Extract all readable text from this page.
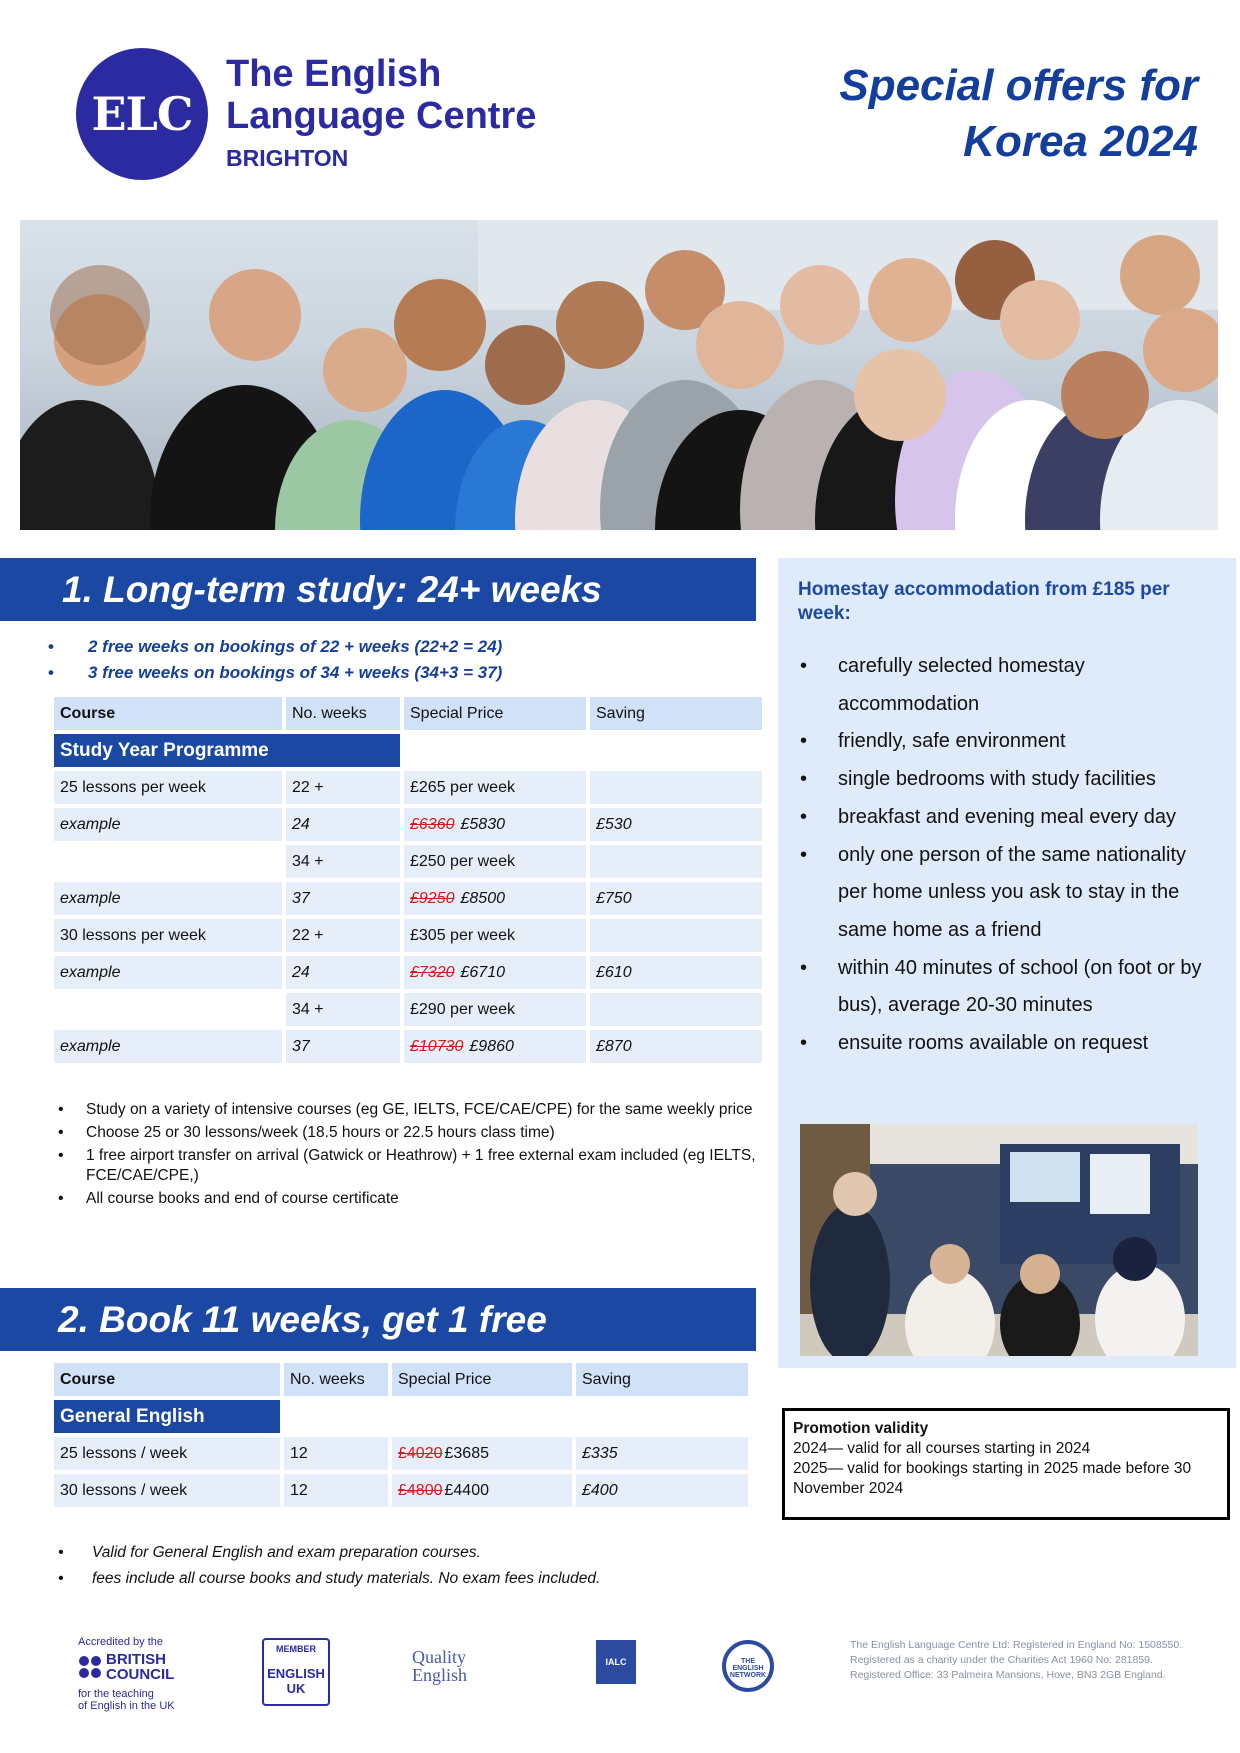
ELC
The English
Language Centre
BRIGHTON
Special offers for
Korea 2024
1. Long-term study: 24+ weeks
• 2 free weeks on bookings of 22 + weeks (22+2 = 24)
• 3 free weeks on bookings of 34 + weeks (34+3 = 37)
Course	No. weeks	Special Price	Saving
Study Year Programme			
25 lessons per week	22 +	£265 per week	
example	24	£6360 £5830	£530
	34 +	£250 per week	
example	37	£9250 £8500	£750
30 lessons per week	22 +	£305 per week	
example	24	£7320 £6710	£610
	34 +	£290 per week	
example	37	£10730 £9860	£870
• Study on a variety of intensive courses (eg GE, IELTS, FCE/CAE/CPE) for the same weekly price
• Choose 25 or 30 lessons/week (18.5 hours or 22.5 hours class time)
• 1 free airport transfer on arrival (Gatwick or Heathrow) + 1 free external exam included (eg IELTS, FCE/CAE/CPE,)
• All course books and end of course certificate
2. Book 11 weeks, get 1 free
Course	No. weeks	Special Price	Saving
General English			
25 lessons / week	12	£4020 £3685	£335
30 lessons / week	12	£4800 £4400	£400
• Valid for General English and exam preparation courses.
• fees include all course books and study materials. No exam fees included.
Homestay accommodation from £185 per week:
• carefully selected homestay accommodation
• friendly, safe environment
• single bedrooms with study facilities
• breakfast and evening meal every day
• only one person of the same nationality per home unless you ask to stay in the same home as a friend
• within 40 minutes of school (on foot or by bus), average 20-30 minutes
• ensuite rooms available on request
Promotion validity
2024— valid for all courses starting in 2024
2025— valid for bookings starting in 2025 made before 30 November 2024
Accredited by the
BRITISH
COUNCIL
for the teaching
of English in the UK
MEMBER
ENGLISH
UK
Quality
English
IALC	THE ENGLISH NETWORK
The English Language Centre Ltd: Registered in England No: 1508550.
Registered as a charity under the Charities Act 1960 No: 281859.
Registered Office: 33 Palmeira Mansions, Hove, BN3 2GB England.
